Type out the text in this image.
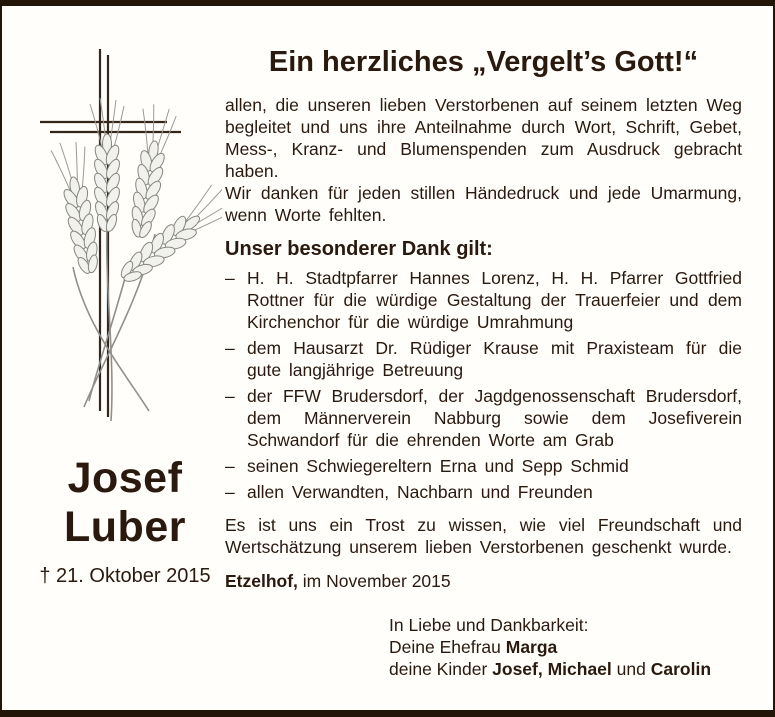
Josef
Luber
† 21. Oktober 2015
Ein herzliches „Vergelt’s Gott!“

allen, die unseren lieben Verstorbenen auf seinem letzten Weg begleitet und uns ihre Anteilnahme durch Wort, Schrift, Gebet, Mess-, Kranz- und Blumenspenden zum Ausdruck gebracht haben.

Wir danken für jeden stillen Händedruck und jede Umarmung, wenn Worte fehlten.

Unser besonderer Dank gilt:
– H. H. Stadtpfarrer Hannes Lorenz, H. H. Pfarrer Gottfried Rottner für die würdige Gestaltung der Trauerfeier und dem Kirchenchor für die würdige Umrahmung
– dem Hausarzt Dr. Rüdiger Krause mit Praxisteam für die gute langjährige Betreuung
– der FFW Brudersdorf, der Jagdgenossenschaft Brudersdorf, dem Männerverein Nabburg sowie dem Josefiverein Schwandorf für die ehrenden Worte am Grab
– seinen Schwiegereltern Erna und Sepp Schmid
– allen Verwandten, Nachbarn und Freunden

Es ist uns ein Trost zu wissen, wie viel Freundschaft und Wertschätzung unserem lieben Verstorbenen geschenkt wurde.

Etzelhof, im November 2015
In Liebe und Dankbarkeit:
Deine Ehefrau Marga
deine Kinder Josef, Michael und Carolin
